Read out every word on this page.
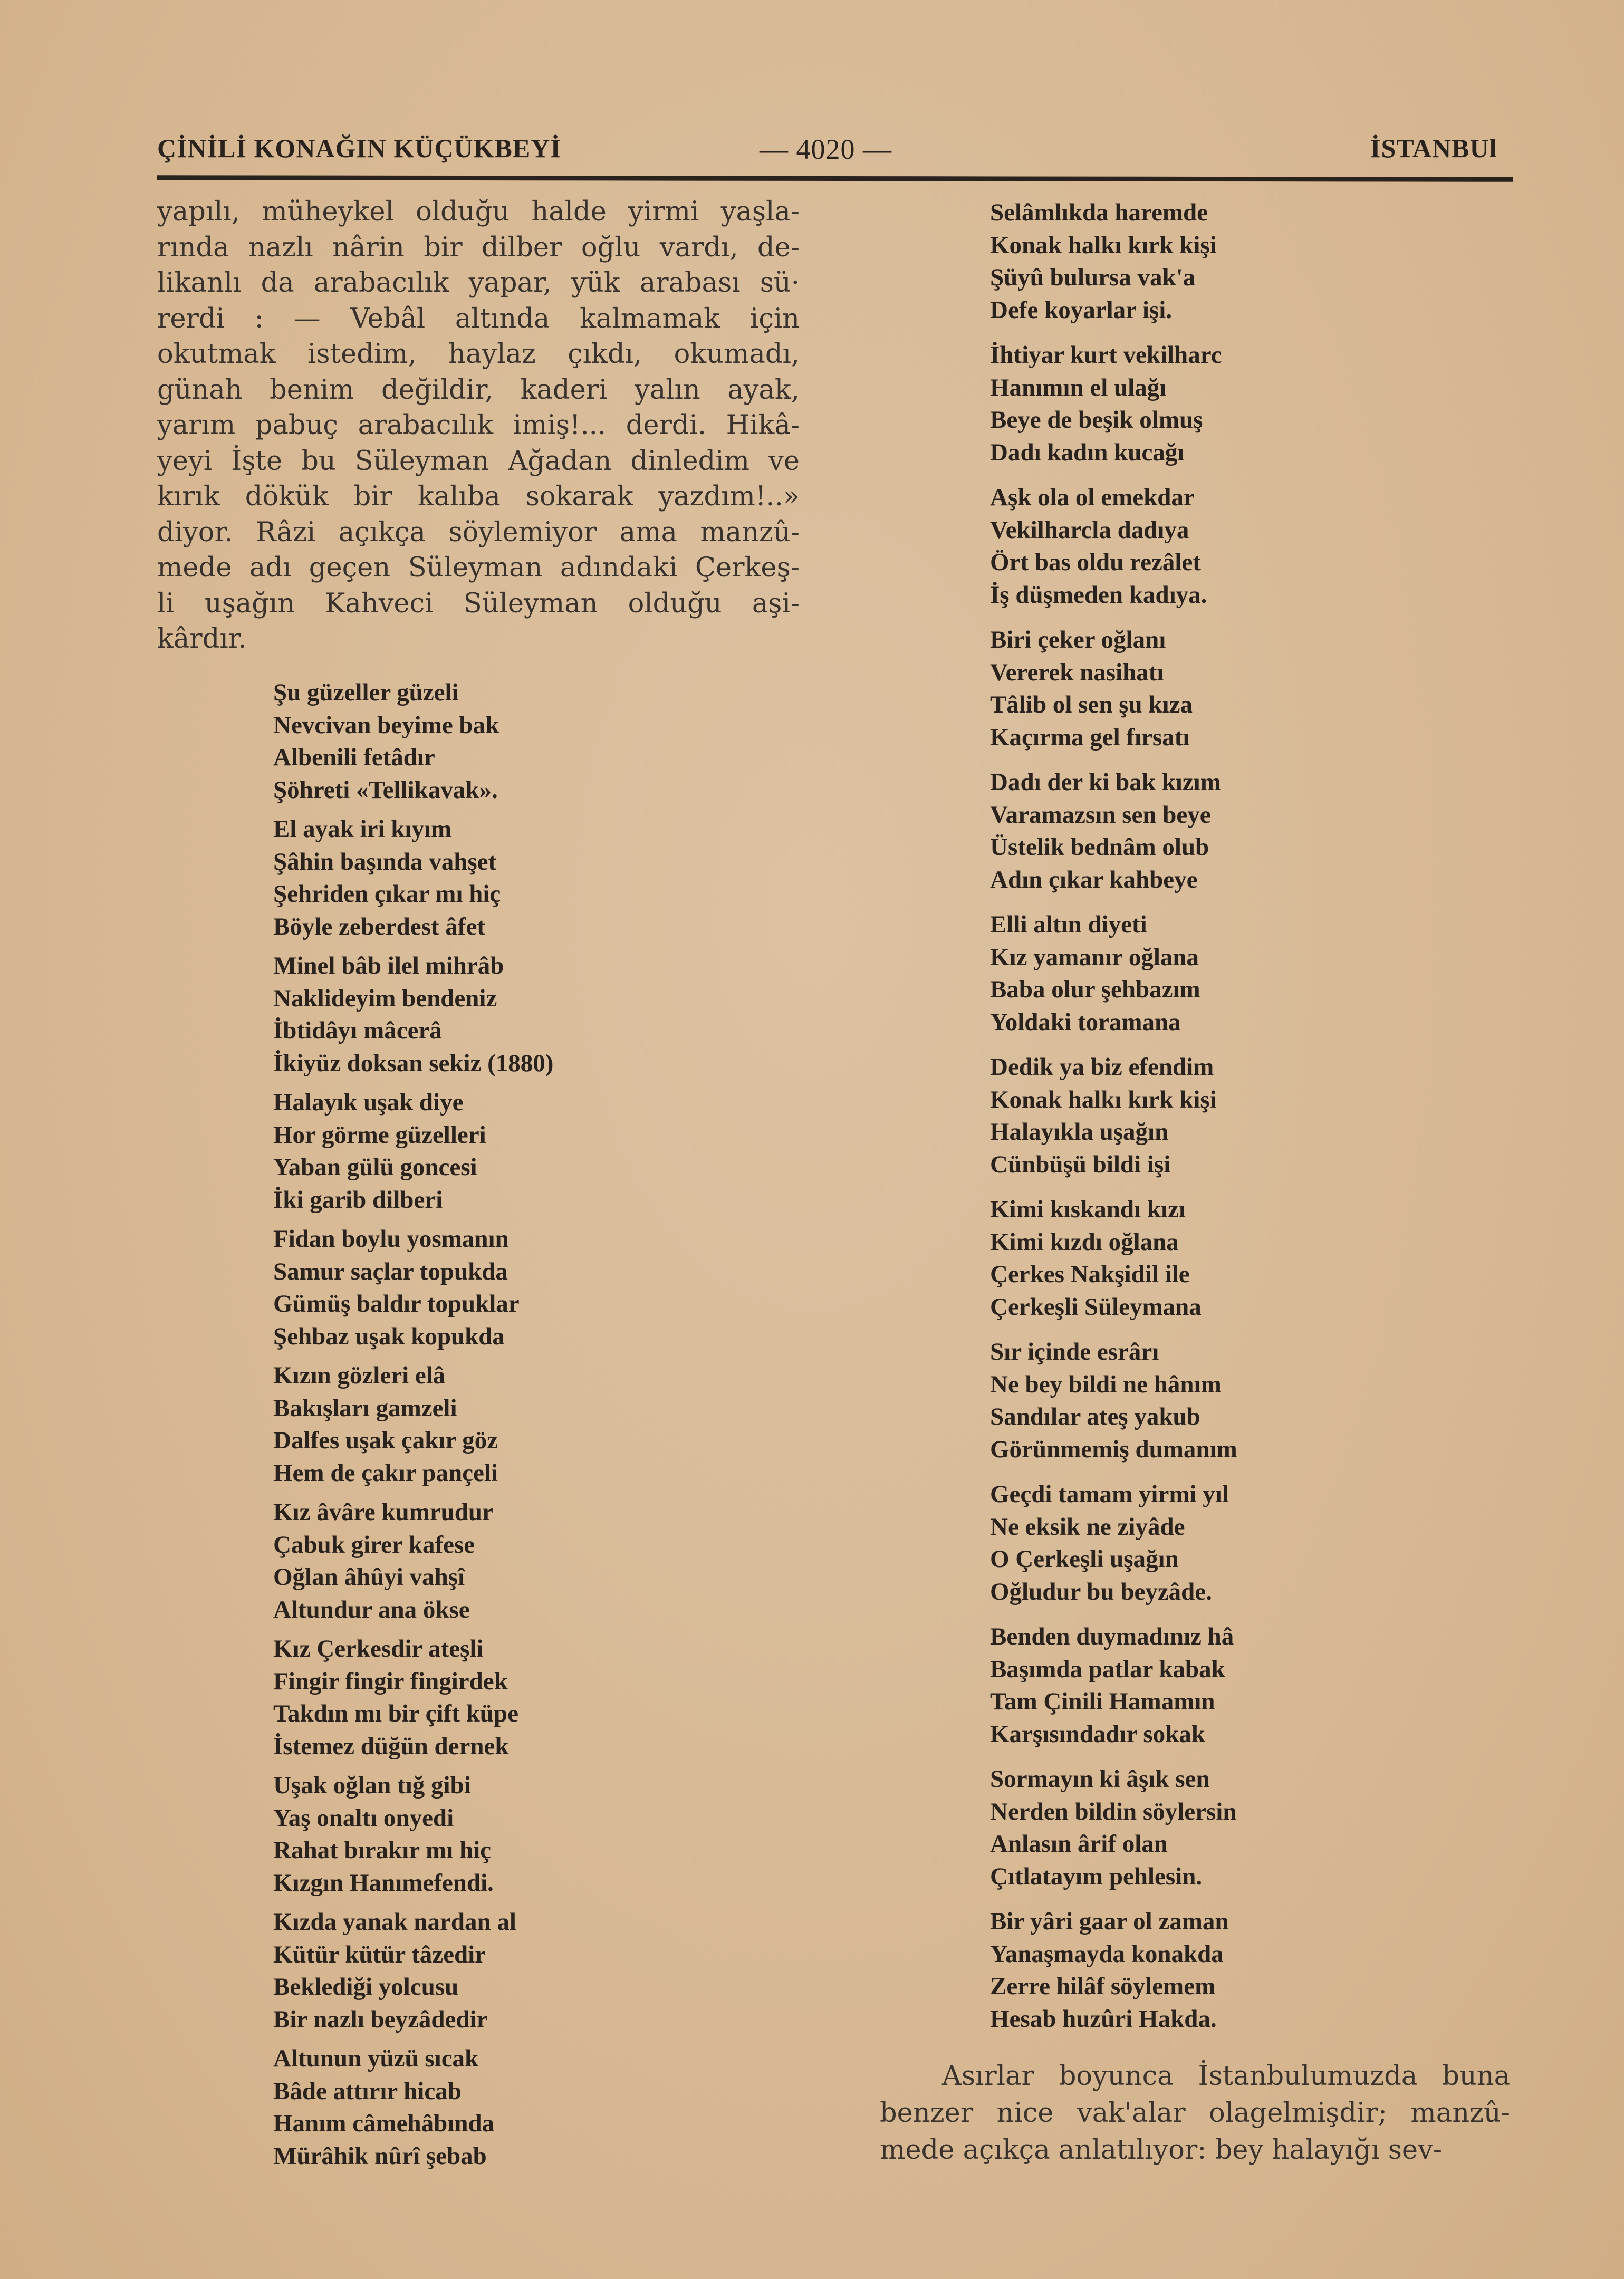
ÇİNİLİ KONAĞIN KÜÇÜKBEYİ	— 4020 —	İSTANBUl
yapılı, müheykel olduğu halde yirmi yaşla-
rında nazlı nârin bir dilber oğlu vardı, de-
likanlı da arabacılık yapar, yük arabası sü·
rerdi : — Vebâl altında kalmamak için
okutmak istedim, haylaz çıkdı, okumadı,
günah benim değildir, kaderi yalın ayak,
yarım pabuç arabacılık imiş!... derdi. Hikâ-
yeyi İşte bu Süleyman Ağadan dinledim ve
kırık dökük bir kalıba sokarak yazdım!..»
diyor. Râzi açıkça söylemiyor ama manzû-
mede adı geçen Süleyman adındaki Çerkeş-
li uşağın Kahveci Süleyman olduğu aşi-
kârdır.
Şu güzeller güzeli
Nevcivan beyime bak
Albenili fetâdır
Şöhreti «Tellikavak».
El ayak iri kıyım
Şâhin başında vahşet
Şehriden çıkar mı hiç
Böyle zeberdest âfet
Minel bâb ilel mihrâb
Naklideyim bendeniz
İbtidâyı mâcerâ
İkiyüz doksan sekiz (1880)
Halayık uşak diye
Hor görme güzelleri
Yaban gülü goncesi
İki garib dilberi
Fidan boylu yosmanın
Samur saçlar topukda
Gümüş baldır topuklar
Şehbaz uşak kopukda
Kızın gözleri elâ
Bakışları gamzeli
Dalfes uşak çakır göz
Hem de çakır pançeli
Kız âvâre kumrudur
Çabuk girer kafese
Oğlan âhûyi vahşî
Altundur ana ökse
Kız Çerkesdir ateşli
Fingir fingir fingirdek
Takdın mı bir çift küpe
İstemez düğün dernek
Uşak oğlan tığ gibi
Yaş onaltı onyedi
Rahat bırakır mı hiç
Kızgın Hanımefendi.
Kızda yanak nardan al
Kütür kütür tâzedir
Beklediği yolcusu
Bir nazlı beyzâdedir
Altunun yüzü sıcak
Bâde attırır hicab
Hanım câmehâbında
Mürâhik nûrî şebab
Selâmlıkda haremde
Konak halkı kırk kişi
Şüyû bulursa vak'a
Defe koyarlar işi.
İhtiyar kurt vekilharc
Hanımın el ulağı
Beye de beşik olmuş
Dadı kadın kucağı
Aşk ola ol emekdar
Vekilharcla dadıya
Ört bas oldu rezâlet
İş düşmeden kadıya.
Biri çeker oğlanı
Vererek nasihatı
Tâlib ol sen şu kıza
Kaçırma gel fırsatı
Dadı der ki bak kızım
Varamazsın sen beye
Üstelik bednâm olub
Adın çıkar kahbeye
Elli altın diyeti
Kız yamanır oğlana
Baba olur şehbazım
Yoldaki toramana
Dedik ya biz efendim
Konak halkı kırk kişi
Halayıkla uşağın
Cünbüşü bildi işi
Kimi kıskandı kızı
Kimi kızdı oğlana
Çerkes Nakşidil ile
Çerkeşli Süleymana
Sır içinde esrârı
Ne bey bildi ne hânım
Sandılar ateş yakub
Görünmemiş dumanım
Geçdi tamam yirmi yıl
Ne eksik ne ziyâde
O Çerkeşli uşağın
Oğludur bu beyzâde.
Benden duymadınız hâ
Başımda patlar kabak
Tam Çinili Hamamın
Karşısındadır sokak
Sormayın ki âşık sen
Nerden bildin söylersin
Anlasın ârif olan
Çıtlatayım pehlesin.
Bir yâri gaar ol zaman
Yanaşmayda konakda
Zerre hilâf söylemem
Hesab huzûri Hakda.
Asırlar boyunca İstanbulumuzda buna
benzer nice vak'alar olagelmişdir; manzû-
mede açıkça anlatılıyor: bey halayığı sev-
